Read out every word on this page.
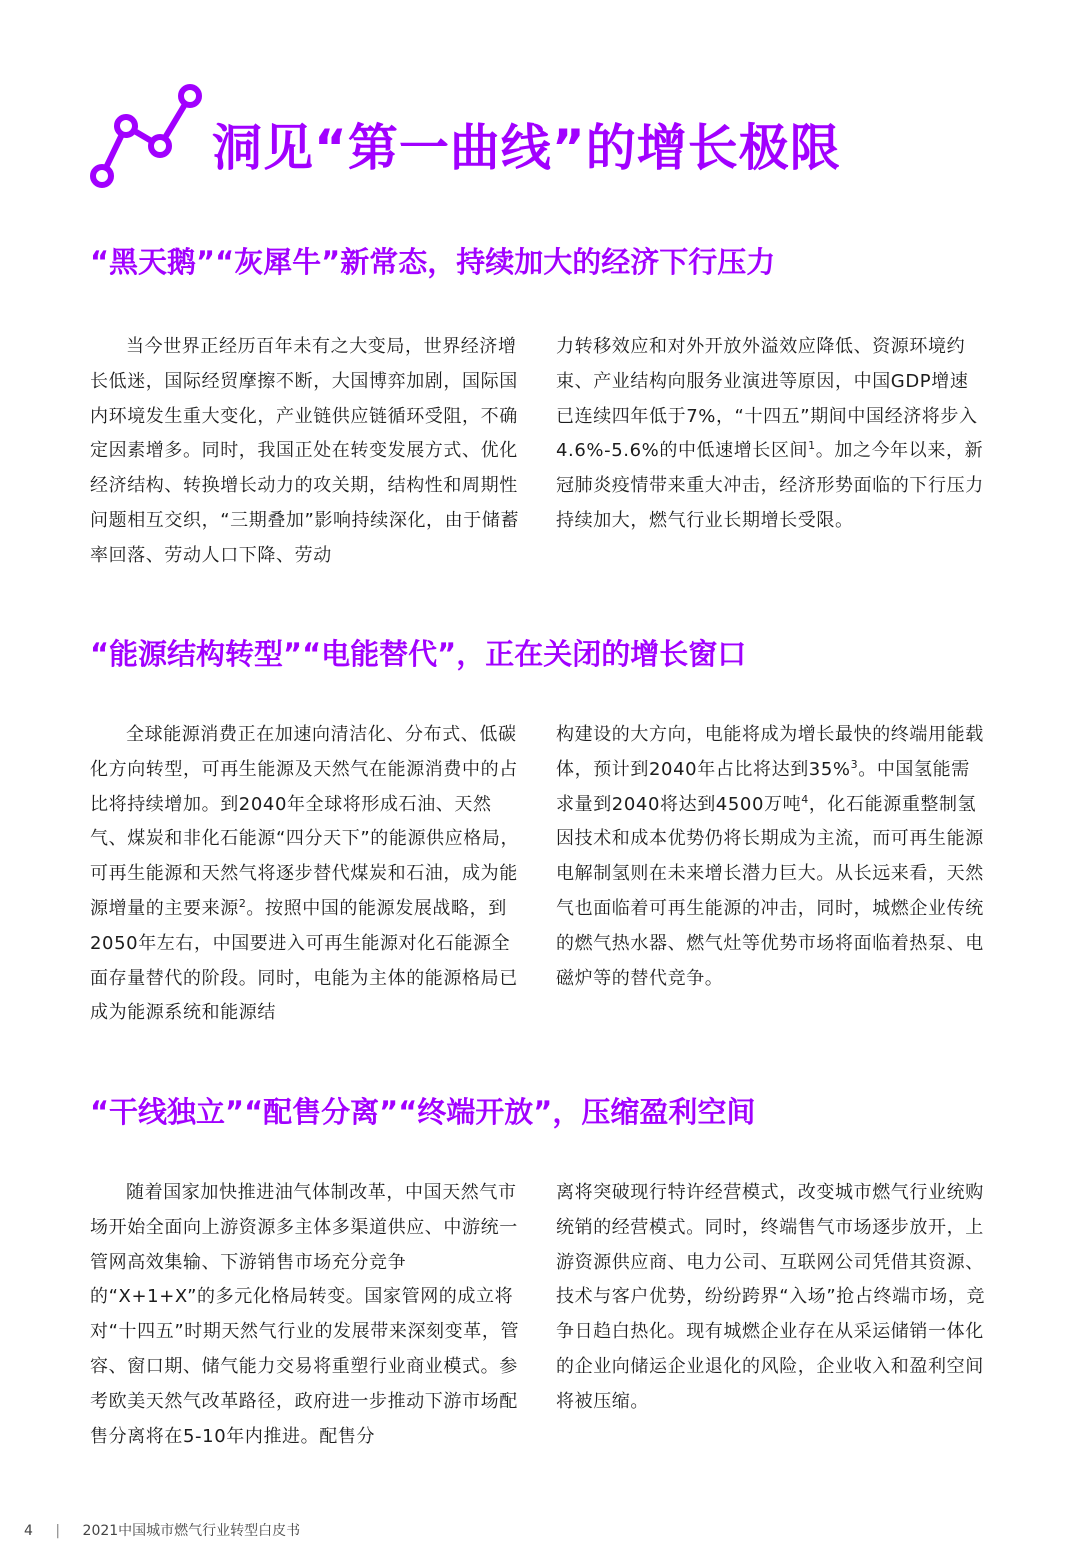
洞见“第一曲线”的增长极限
“黑天鹅”“灰犀牛”新常态，持续加大的经济下行压力

当今世界正经历百年未有之大变局，世界经济增长低迷，国际经贸摩擦不断，大国博弈加剧，国际国内环境发生重大变化，产业链供应链循环受阻，不确定因素增多。同时，我国正处在转变发展方式、优化经济结构、转换增长动力的攻关期，结构性和周期性问题相互交织，“三期叠加”影响持续深化，由于储蓄率回落、劳动人口下降、劳动

力转移效应和对外开放外溢效应降低、资源环境约束、产业结构向服务业演进等原因，中国GDP增速已连续四年低于7%，“十四五”期间中国经济将步入4.6%-5.6%的中低速增长区间$^1$。加之今年以来，新冠肺炎疫情带来重大冲击，经济形势面临的下行压力持续加大，燃气行业长期增长受限。

“能源结构转型”“电能替代”，正在关闭的增长窗口

全球能源消费正在加速向清洁化、分布式、低碳化方向转型，可再生能源及天然气在能源消费中的占比将持续增加。到2040年全球将形成石油、天然气、煤炭和非化石能源“四分天下”的能源供应格局，可再生能源和天然气将逐步替代煤炭和石油，成为能源增量的主要来源$^2$。按照中国的能源发展战略，到2050年左右，中国要进入可再生能源对化石能源全面存量替代的阶段。同时，电能为主体的能源格局已成为能源系统和能源结

构建设的大方向，电能将成为增长最快的终端用能载体，预计到2040年占比将达到35%$^3$。中国氢能需求量到2040将达到4500万吨$^4$，化石能源重整制氢因技术和成本优势仍将长期成为主流，而可再生能源电解制氢则在未来增长潜力巨大。从长远来看，天然气也面临着可再生能源的冲击，同时，城燃企业传统的燃气热水器、燃气灶等优势市场将面临着热泵、电磁炉等的替代竞争。

“干线独立”“配售分离”“终端开放”，压缩盈利空间

随着国家加快推进油气体制改革，中国天然气市场开始全面向上游资源多主体多渠道供应、中游统一管网高效集输、下游销售市场充分竞争的“X+1+X”的多元化格局转变。国家管网的成立将对“十四五”时期天然气行业的发展带来深刻变革，管容、窗口期、储气能力交易将重塑行业商业模式。参考欧美天然气改革路径，政府进一步推动下游市场配售分离将在5-10年内推进。配售分

离将突破现行特许经营模式，改变城市燃气行业统购统销的经营模式。同时，终端售气市场逐步放开，上游资源供应商、电力公司、互联网公司凭借其资源、技术与客户优势，纷纷跨界“入场”抢占终端市场，竞争日趋白热化。现有城燃企业存在从采运储销一体化的企业向储运企业退化的风险，企业收入和盈利空间将被压缩。

4 | 2021中国城市燃气行业转型白皮书
